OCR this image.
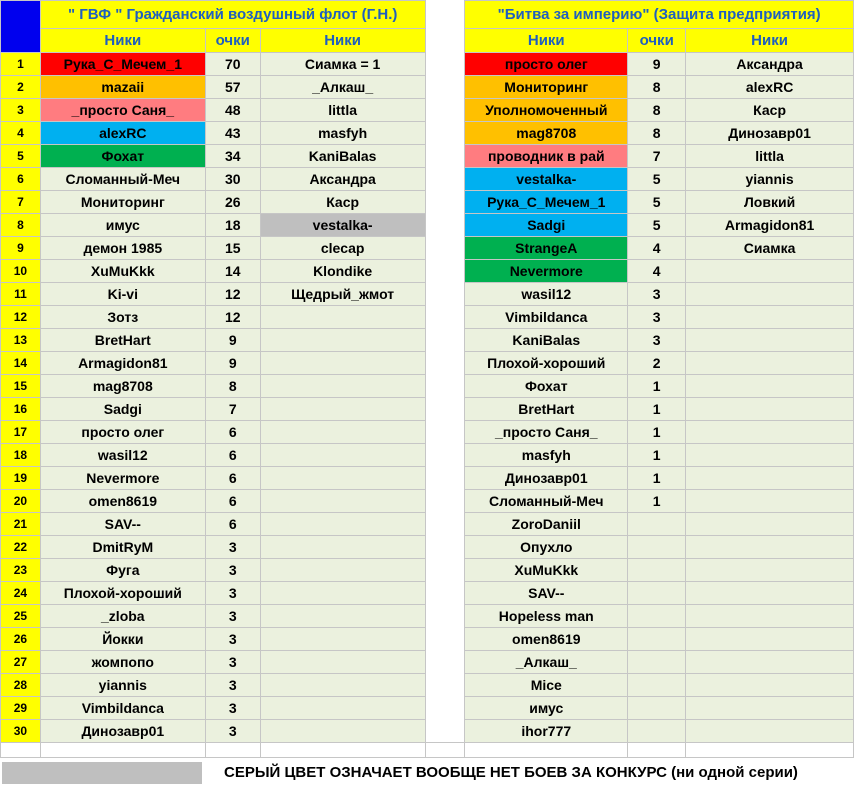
	" ГВФ " Гражданский воздушный флот (Г.Н.)				"Битва за империю" (Защита предприятия)		
	Ники	очки	Ники		Ники	очки	Ники
1	Рука_С_Мечем_1	70	Сиамка = 1		просто олег	9	Аксандра
2	mazaii	57	_Алкаш_		Мониторинг	8	alexRC
3	_просто Саня_	48	littla		Уполномоченный	8	Каср
4	alexRC	43	masfyh		mag8708	8	Динозавр01
5	Фохат	34	KaniBalas		проводник в рай	7	littla
6	Сломанный-Меч	30	Аксандра		vestalka-	5	yiannis
7	Мониторинг	26	Каср		Рука_С_Мечем_1	5	Ловкий
8	имус	18	vestalka-		Sadgi	5	Armagidon81
9	демон 1985	15	clecap		StrangeA	4	Сиамка
10	ХuMuKkk	14	Klondike		Nevermore	4	
11	Ki-vi	12	Щедрый_жмот		wasil12	3	
12	Зотз	12			Vimbildanca	3	
13	BretHart	9			KaniBalas	3	
14	Armagidon81	9			Плохой-хороший	2	
15	mag8708	8			Фохат	1	
16	Sadgi	7			BretHart	1	
17	просто олег	6			_просто Саня_	1	
18	wasil12	6			masfyh	1	
19	Nevermore	6			Динозавр01	1	
20	omen8619	6			Сломанный-Меч	1	
21	SAV--	6			ZoroDaniil		
22	DmitRyM	3			Опухло		
23	Фуга	3			ХuMuKkk		
24	Плохой-хороший	3			SAV--		
25	_zloba	3			Hopeless man		
26	Йокки	3			omen8619		
27	жомпопо	3			_Алкаш_		
28	yiannis	3			Mice		
29	Vimbildanca	3			имус		
30	Динозавр01	3			ihor777		

СЕРЫЙ ЦВЕТ ОЗНАЧАЕТ ВООБЩЕ НЕТ БОЕВ ЗА КОНКУРС (ни одной серии)
